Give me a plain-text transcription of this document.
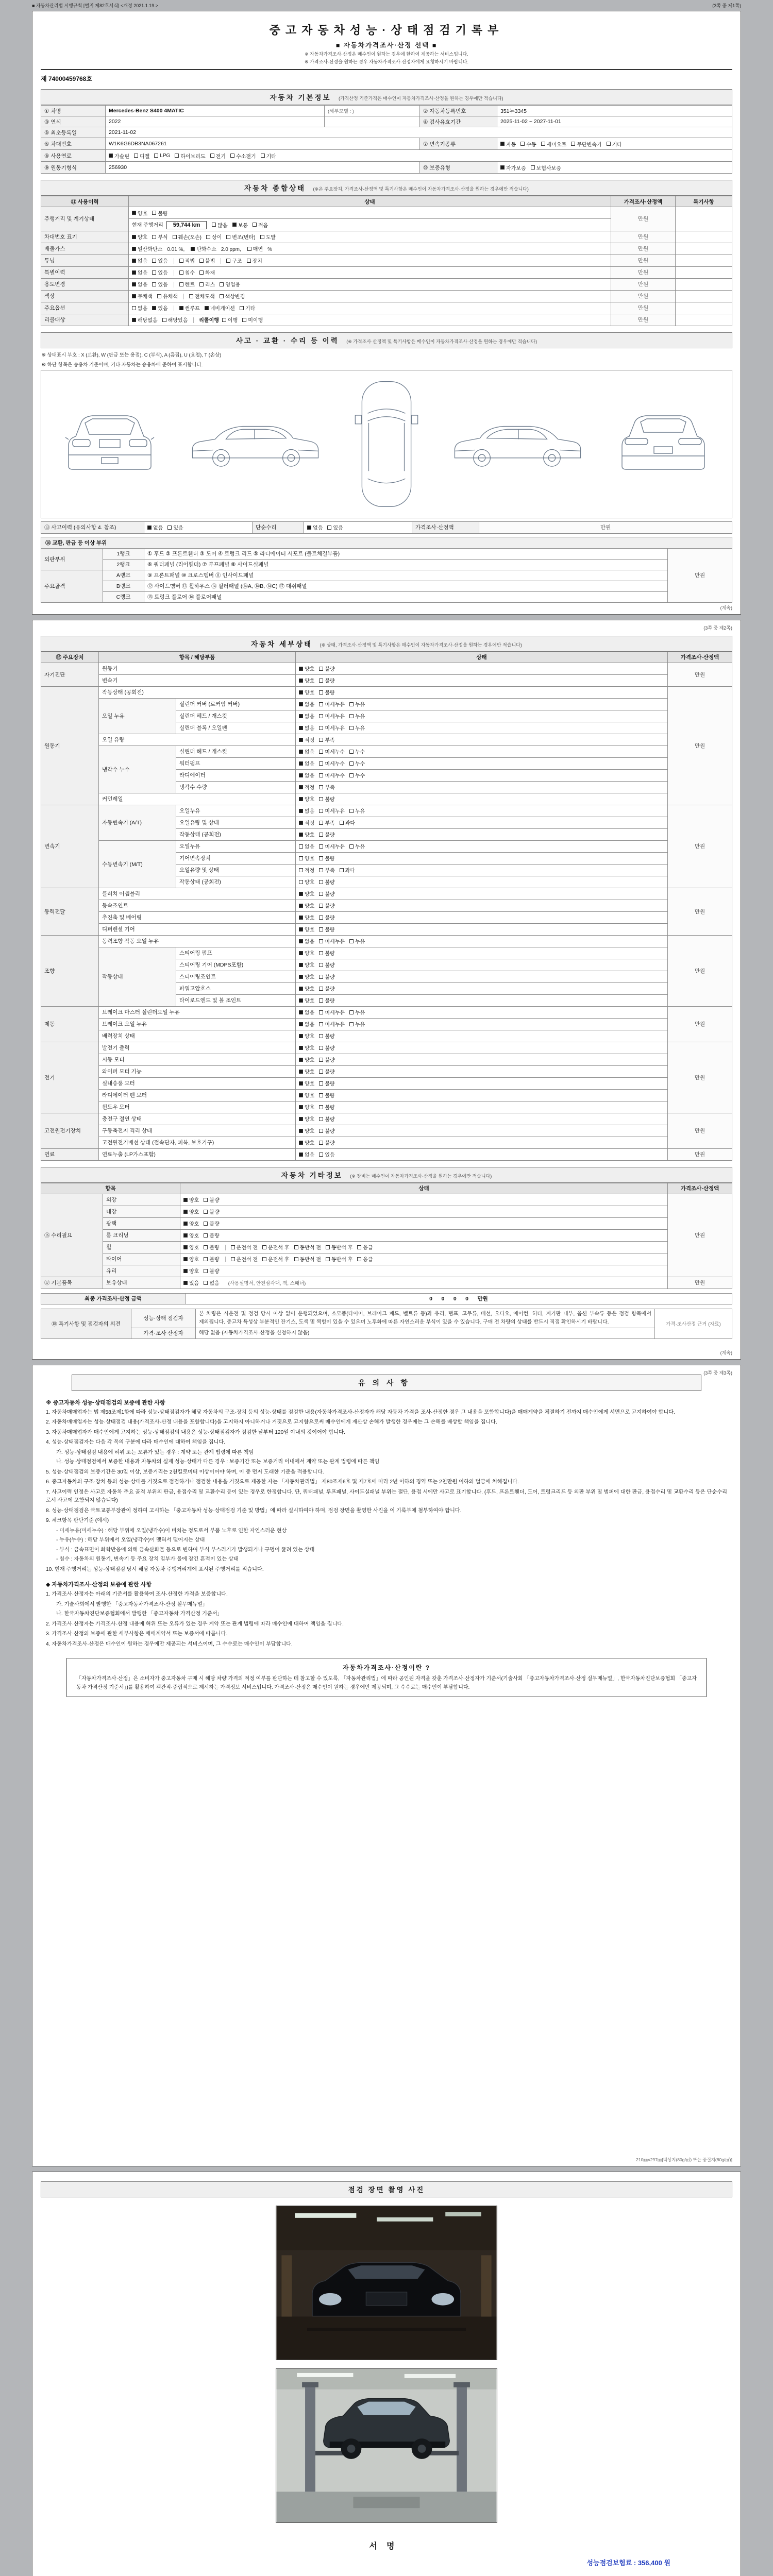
■ 자동차관리법 시행규칙 [별지 제82호서식] <개정 2021.1.19.>	(3쪽 중 제1쪽)
중고자동차성능·상태점검기록부
■ 자동차가격조사·산정 선택 ■
※ 자동차가격조사·산정은 매수인이 원하는 경우에 한하여 제공하는 서비스입니다.
※ 가격조사·산정을 원하는 경우 자동차가격조사·산정자에게 요청하시기 바랍니다.
제 74000459768호
자동차 기본정보 (가격산정 기준가격은 매수인이 자동차가격조사·산정을 원하는 경우에만 적습니다)
① 차명	Mercedes-Benz S400 4MATIC	(세부모델 : )	② 자동차등록번호	351누3345
③ 연식	2022		④ 검사유효기간	2025-11-02 ~ 2027-11-01
⑤ 최초등록일	2021-11-02			
⑥ 차대번호	W1K6G6DB3NA067261		⑦ 변속기종류	자동 수동 세미오토 무단변속기 기타

⑧ 사용연료	가솔린 디젤 LPG 하이브리드 전기 수소전기 기타

⑨ 원동기형식	256930		⑩ 보증유형	자가보증 보험사보증
자동차 종합상태 (※은 주요장치, 가격조사·산정액 및 특기사항은 매수인이 자동차가격조사·산정을 원하는 경우에만 적습니다)
⑪ 사용이력	상태	가격조사·산정액	특기사항
주행거리 및 계기상태	양호 불량	만원	
	현재 주행거리 59,744 km 많음 보통 적음		

차대번호 표기	양호 부식 훼손(오손) 상이 변조(변타) 도말	만원	
배출가스	일산화탄소 0.01 %, 탄화수소 2.0 ppm, 매연 %	만원	
튜닝	없음 있음	적법 불법	구조 장치	만원	
특별이력	없음 있음 침수 화재	만원	
용도변경	없음 있음 렌트 리스 영업용	만원	
색상	무채색 유채색 전체도색 색상변경	만원	
주요옵션	없음 있음 썬루프 네비게이션 기타	만원	
리콜대상	해당없음 해당있음 리콜이행 이행 미이행	만원	
사고 · 교환 · 수리 등 이력 (※ 가격조사·산정액 및 특기사항은 매수인이 자동차가격조사·산정을 원하는 경우에만 적습니다)
※ 상태표시 부호 : X (교환), W (판금 또는 용접), C (부식), A (흠집), U (요철), T (손상)
※ 하단 항목은 승용차 기준이며, 기타 자동차는 승용차에 준하여 표시합니다.
⑬ 사고이력 (유의사항 4. 참조)	없음 있음	단순수리	없음 있음	가격조사·산정액	만원
⑭ 교환, 판금 등 이상 부위
외판부위	1랭크	① 후드 ② 프론트휀더 ③ 도어 ④ 트렁크 리드 ⑤ 라디에이터 서포트 (볼트체결부품)	만원
	2랭크	⑥ 쿼터패널 (리어휀더) ⑦ 루프패널 ⑧ 사이드실패널	
주요골격	A랭크	⑨ 프론트패널 ⑩ 크로스멤버 ⑪ 인사이드패널	
	B랭크	⑫ 사이드멤버 ⑬ 휠하우스 ⑭ 필러패널 (⑭A, ⑭B, ⑭C) ⑰ 대쉬패널	
	C랭크	⑮ 트렁크 플로어 ⑯ 플로어패널	
(계속)
(3쪽 중 제2쪽)
자동차 세부상태 (※ 상태, 가격조사·산정액 및 특기사항은 매수인이 자동차가격조사·산정을 원하는 경우에만 적습니다)
⑮ 주요장치	항목 / 해당부품		상태	가격조사·산정액
자기진단	원동기		양호 불량	만원
	변속기		양호 불량	

원동기	작동상태 (공회전)		양호 불량	만원
	오일 누유	실린더 커버 (로커암 커버)	없음 미세누유 누유	

		실린더 헤드 / 개스킷	없음 미세누유 누유	

		실린더 블록 / 오일팬	없음 미세누유 누유	

	오일 유량		적정 부족	

	냉각수 누수	실린더 헤드 / 개스킷	없음 미세누수 누수	

		워터펌프	없음 미세누수 누수	

		라디에이터	없음 미세누수 누수	

		냉각수 수량	적정 부족	

	커먼레일		양호 불량	

변속기	자동변속기 (A/T)	오일누유	없음 미세누유 누유	만원
		오일유량 및 상태	적정 부족 과다	

		작동상태 (공회전)	양호 불량	

	수동변속기 (M/T)	오일누유	없음 미세누유 누유	

		기어변속장치	양호 불량	

		오일유량 및 상태	적정 부족 과다	

		작동상태 (공회전)	양호 불량	

동력전달	클러치 어셈블리		양호 불량	만원
	등속조인트		양호 불량	

	추진축 및 베어링		양호 불량	

	디퍼렌셜 기어		양호 불량	

조향	동력조향 작동 오일 누유		없음 미세누유 누유	만원
	작동상태	스티어링 펌프	양호 불량	

		스티어링 기어 (MDPS포함)	양호 불량	

		스티어링조인트	양호 불량	

		파워고압호스	양호 불량	

		타이로드엔드 및 볼 조인트	양호 불량	

제동	브레이크 마스터 실린더오일 누유		없음 미세누유 누유	만원
	브레이크 오일 누유		없음 미세누유 누유	

	배력장치 상태		양호 불량	

전기	발전기 출력		양호 불량	만원
	시동 모터		양호 불량	

	와이퍼 모터 기능		양호 불량	

	실내송풍 모터		양호 불량	

	라디에이터 팬 모터		양호 불량	

	윈도우 모터		양호 불량	

고전원전기장치	충전구 절연 상태		양호 불량	만원
	구동축전지 격리 상태		양호 불량	

	고전원전기배선 상태 (접속단자, 피복, 보호기구)		양호 불량	

연료	연료누출 (LP가스포함)		없음 있음	만원
자동차 기타정보 (※ 장비는 매수인이 자동차가격조사·산정을 원하는 경우에만 적습니다)
항목		상태	가격조사·산정액
⑯ 수리필요	외장	양호 불량	만원
	내장	양호 불량	

	광택	양호 불량	

	룸 크리닝	양호 불량	

휠	양호 불량	운전석 전 운전석 후 동반석 전 동반석 후 응급

타이어	양호 불량	운전석 전 운전석 후 동반석 전 동반석 후 응급

	유리	양호 불량	

⑰ 기본품목	보유상태	있음 없음 (사용설명서, 안전삼각대, 잭, 스패너)	만원
최종 가격조사·산정 금액	0      0      0      0      만원
⑱ 특기사항 및 점검자의 의견	성능·상태 점검자	본 차량은 시운전 및 점검 당시 이상 없이 운행되었으며, 소모품(타이어, 브레이크 패드, 벨트류 등)과 유리, 램프, 고무류, 배선, 오디오, 에어컨, 히터, 계기판 내부, 옵션 부속류 등은 점검 항목에서 제외됩니다. 중고차 특성상 부분적인 잔기스, 도색 및 찍힘이 있을 수 있으며 노후화에 따른 자연스러운 부식이 있을 수 있습니다. 구매 전 차량의 상태를 반드시 직접 확인하시기 바랍니다.	가격·조사산정 근거 (자료)
	가격·조사 산정자	해당 없음 (자동차가격조사·산정을 신청하지 않음)	
(계속)
(3쪽 중 제3쪽)
유의사항
※ 중고자동차 성능·상태점검의 보증에 관한 사항
1. 자동차매매업자는 법 제58조제1항에 따라 성능·상태점검자가 해당 자동차의 구조·장치 등의 성능·상태를 점검한 내용(자동차가격조사·산정자가 해당 자동차 가격을 조사·산정한 경우 그 내용을 포함합니다)을 매매계약을 체결하기 전까지 매수인에게 서면으로 고지하여야 합니다.
2. 자동차매매업자는 성능·상태점검 내용(가격조사·산정 내용을 포함합니다)을 고지하지 아니하거나 거짓으로 고지함으로써 매수인에게 재산상 손해가 발생한 경우에는 그 손해를 배상할 책임을 집니다.
3. 자동차매매업자가 매수인에게 고지하는 성능·상태점검의 내용은 성능·상태점검자가 점검한 날부터 120일 이내의 것이어야 합니다.
4. 성능·상태점검자는 다음 각 목의 구분에 따라 매수인에 대하여 책임을 집니다.
가. 성능·상태점검 내용에 허위 또는 오류가 있는 경우 : 계약 또는 관계 법령에 따른 책임
나. 성능·상태점검에서 보증한 내용과 자동차의 실제 성능·상태가 다른 경우 : 보증기간 또는 보증거리 이내에서 계약 또는 관계 법령에 따른 책임
5. 성능·상태점검의 보증기간은 30일 이상, 보증거리는 2천킬로미터 이상이어야 하며, 이 중 먼저 도래한 기준을 적용합니다.
6. 중고자동차의 구조·장치 등의 성능·상태를 거짓으로 점검하거나 점검한 내용을 거짓으로 제공한 자는 「자동차관리법」 제80조제6호 및 제7호에 따라 2년 이하의 징역 또는 2천만원 이하의 벌금에 처해집니다.
7. 사고이력 인정은 사고로 자동차 주요 골격 부위의 판금, 용접수리 및 교환수리 등이 있는 경우로 한정합니다. 단, 쿼터패널, 루프패널, 사이드실패널 부위는 절단, 용접 시에만 사고로 표기합니다. (후드, 프론트휀더, 도어, 트렁크리드 등 외판 부위 및 범퍼에 대한 판금, 용접수리 및 교환수리 등은 단순수리로서 사고에 포함되지 않습니다)
8. 성능·상태점검은 국토교통부장관이 정하여 고시하는 「중고자동차 성능·상태점검 기준 및 방법」에 따라 실시하여야 하며, 점검 장면을 촬영한 사진을 이 기록부에 첨부하여야 합니다.
9. 체크항목 판단기준 (예시)
- 미세누유(미세누수) : 해당 부위에 오일(냉각수)이 비치는 정도로서 부품 노후로 인한 자연스러운 현상
- 누유(누수) : 해당 부위에서 오일(냉각수)이 맺혀서 떨어지는 상태
- 부식 : 금속표면이 화학반응에 의해 금속산화물 등으로 변하여 부식 부스러기가 발생되거나 구멍이 뚫려 있는 상태
- 침수 : 자동차의 원동기, 변속기 등 주요 장치 일부가 물에 잠긴 흔적이 있는 상태
10. 현재 주행거리는 성능·상태점검 당시 해당 자동차 주행거리계에 표시된 주행거리를 적습니다.
◆ 자동차가격조사·산정의 보증에 관한 사항
1. 가격조사·산정자는 아래의 기준서를 활용하여 조사·산정한 가격을 보증합니다.
가. 기술사회에서 발행한 「중고자동차가격조사·산정 실무매뉴얼」
나. 한국자동차진단보증협회에서 발행한 「중고자동차 가격산정 기준서」
2. 가격조사·산정자는 가격조사·산정 내용에 허위 또는 오류가 있는 경우 계약 또는 관계 법령에 따라 매수인에 대하여 책임을 집니다.
3. 가격조사·산정의 보증에 관한 세부사항은 매매계약서 또는 보증서에 따릅니다.
4. 자동차가격조사·산정은 매수인이 원하는 경우에만 제공되는 서비스이며, 그 수수료는 매수인이 부담합니다.
자동차가격조사·산정이란 ?
「자동차가격조사·산정」은 소비자가 중고자동차 구매 시 해당 차량 가격의 적정 여부를 판단하는 데 참고할 수 있도록, 「자동차관리법」에 따라 공인된 자격을 갖춘 가격조사·산정자가 기준서(기술사회 「중고자동차가격조사·산정 실무매뉴얼」, 한국자동차진단보증협회 「중고자동차 가격산정 기준서」)를 활용하여 객관적·중립적으로 제시하는 가격정보 서비스입니다. 가격조사·산정은 매수인이 원하는 경우에만 제공되며, 그 수수료는 매수인이 부담합니다.
210㎜×297㎜[백상지(80g/㎡) 또는 중질지(80g/㎡)]
점검 장면 촬영 사진
서명
성능점검보험료 : 356,400 원
